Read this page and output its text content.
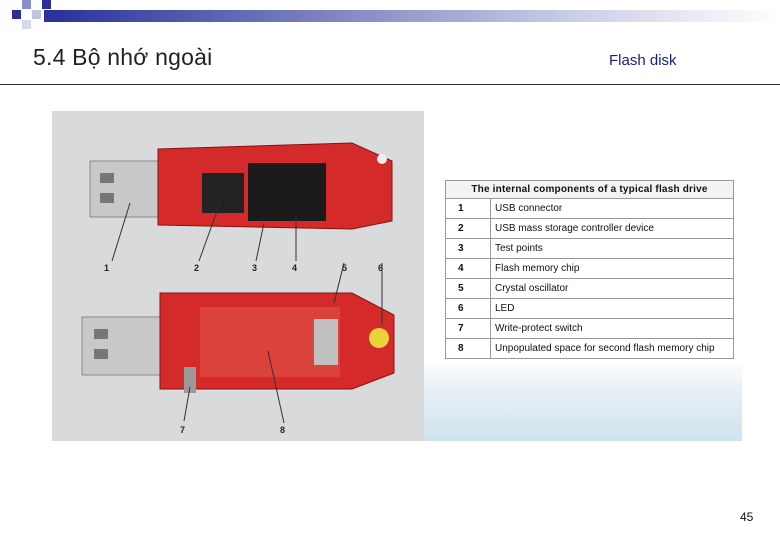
5.4 Bộ nhớ ngoài	Flash disk
1	2	3	4	5	6
7	8
The internal components of a typical flash drive	
1	USB connector
2	USB mass storage controller device
3	Test points
4	Flash memory chip
5	Crystal oscillator
6	LED
7	Write-protect switch
8	Unpopulated space for second flash memory chip
45
